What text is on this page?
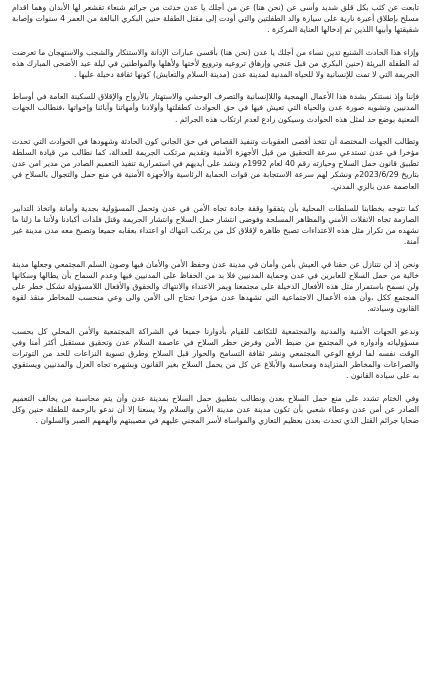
تابعت عن كثب بكل قلق شديد وأسى عن (نحن هنا) عن من أجلك يا عدن حدثت من جرائم شنعاء تقشعر لها الأبدان وهما اقدام مسلح بإطلاق أعيرة نارية على سيارة والد الطفلتين والتي أودت إلى مقتل الطفلة حنين البكري البالغة من العمر 4 سنوات وإصابة شقيقتها وأبيها اللذين تم إدخالها العناية المركزة .

وإزاء هذا الحادث الشنيع تدين نساء من أجلك يا عدن (نحن هنا) بأقسى عبارات الإدانة والاستنكار والشجب والاستهجان ما تعرضت له الطفلة البريئة (حنين البكري من قبل عنجي وإرهاق تروعيه وترويع لأختها ولأهلها والمواطنين في ليلة عيد الأضحى المبارك هذه الجريمة التي لا تمت للإنسانية ولا للحياة المدنية لمدينة عدن (مدينة السلام والتعايش) كونها ثقافة دخيلة عليها .

فإننا وإذ نستنكر بشدة هذا الأعمال الهمجية واللاإنسانية والتصرف الوحشي والاستهتار بالأرواح والإقلاق للسكينة العامة في أوساط المدنيين وتشويه صورة عدن والحياة التي تعيش فيها في حق الحوادث كطفلتها وأولادنا وأمهاتنا وآبائنا وإخواتها ،فنطالب الجهات المعنية بوضع حد لمثل هذه الحوادث وسيكون رادع لعدم ارتكاب هذه الجرائم .

وتطالب الجهات المختصة أن تتخذ أقصى العقوبات وتنفيذ القصاص في حق الجاني كون الحادثة وشهودها في الحوادث التي تحدث مؤخرا في عدن تستدعي سرعة التحقيق من قبل الأجهزة الأمنية وتقديم مرتكب الجريمة للعدالة، كما نطالب من قيادة السلطة تطبيق قانون حمل السلاح وحيازته رقم 40 لعام 1992م ونشد على أيديهم في استمرارية تنفيذ التعميم الصادر من مدير امن عدن بتاريخ 2023/6/29م ونشكر لهم سرعة الاستجابة من قوات الحماية الرئاسية والأجهزة الأمنية في منع حمل والتجوال بالسلاح في العاصمة عدن بالزي المدني.

كما نتوجه بخطابنا للسلطات المحلية بأن يتفقوا وقفة جادة تجاه الأمن في عدن وتحمل المسؤولية بجدية وأمانة واتخاذ التدابير الصارمة تجاه الانفلات الأمني والمظاهر المسلحة وفوضى انتشار حمل السلاح وانتشار الجريمة وقتل فلذات أكبادنا ولأننا ما زلنا ما نشهده من تكرار مثل هذه الاعتداءات تصبح ظاهرة لإقلاق كل من يرتكب انتهاك او اعتداء بعقابه جميعا وتصبح معه مدن مدينة غير آمنة.

ونحن إذ لن نتنازل عن حقنا في العيش بأمن وأمان في مدينة عدن وحفظ الأمن والأمان فيها وصون السلم المجتمعي وجعلها مدينة خالية من حمل السلاح للعابرين في عدن وحماية المدنيين فلا بد من الحفاظ على المدنيين فيها وعدم السماح بأن يطالها وسكانها ولن نسمح باستمرار مثل هذه الأفعال الدخيلة على مجتمعنا ويمر الاعتداء والانتهاك والحقوق والأفعال اللامسؤولة تشكل خطر على المجتمع ككل ،وأن هذه الأعمال الاجتماعية التي تشهدها عدن مؤخرا تحتاج الى الأمن والى وعي منحسب للمخاطر منقذ لقوة القانون وسيادته.

وندعو الجهات الأمنية والمدنية والمجتمعية للتكاتف للقيام بأدوارنا جميعا في الشراكة المجتمعية والأمن المحلي كل بحسب مسؤولياته وأدواره في المجتمع من ضبط الأمن وفرض حظر السلاح في عاصمة السلام عدن وتحقيق مستقبل أكثر أمنا وفي الوقت نفسه لما لرفع الوعي المجتمعي ونشر ثقافة التسامح والحوار قبل السلاح وطرق تسوية النزاعات للحد من التوترات والصراعات والمخاطر المتزايدة ومحاسبة والأبلاغ عن كل من يحمل السلاح بغير القانون وبشهره تجاه العزل والمدنيين ويستقوي به على سيادة القانون .

وفي الختام تشدد على منع حمل السلاح بعدن ونطالب بتطبيق حمل السلاح بمدينة عدن وأن يتم محاسبة من يخالف التعميم الصادر عن أمن عدن وعطاء شعبي بأن تكون مدينة عدن مدينة الأمن والسلام ولا يسعنا إلا أن ندعو بالرحمة للطفلة حنين وكل ضحايا جرائم القتل الذي تحدث بعدن بعظيم التعازي والمواساة لأسر المجني عليهم في مصيبتهم وألهمهم الصبر والسلوان .
